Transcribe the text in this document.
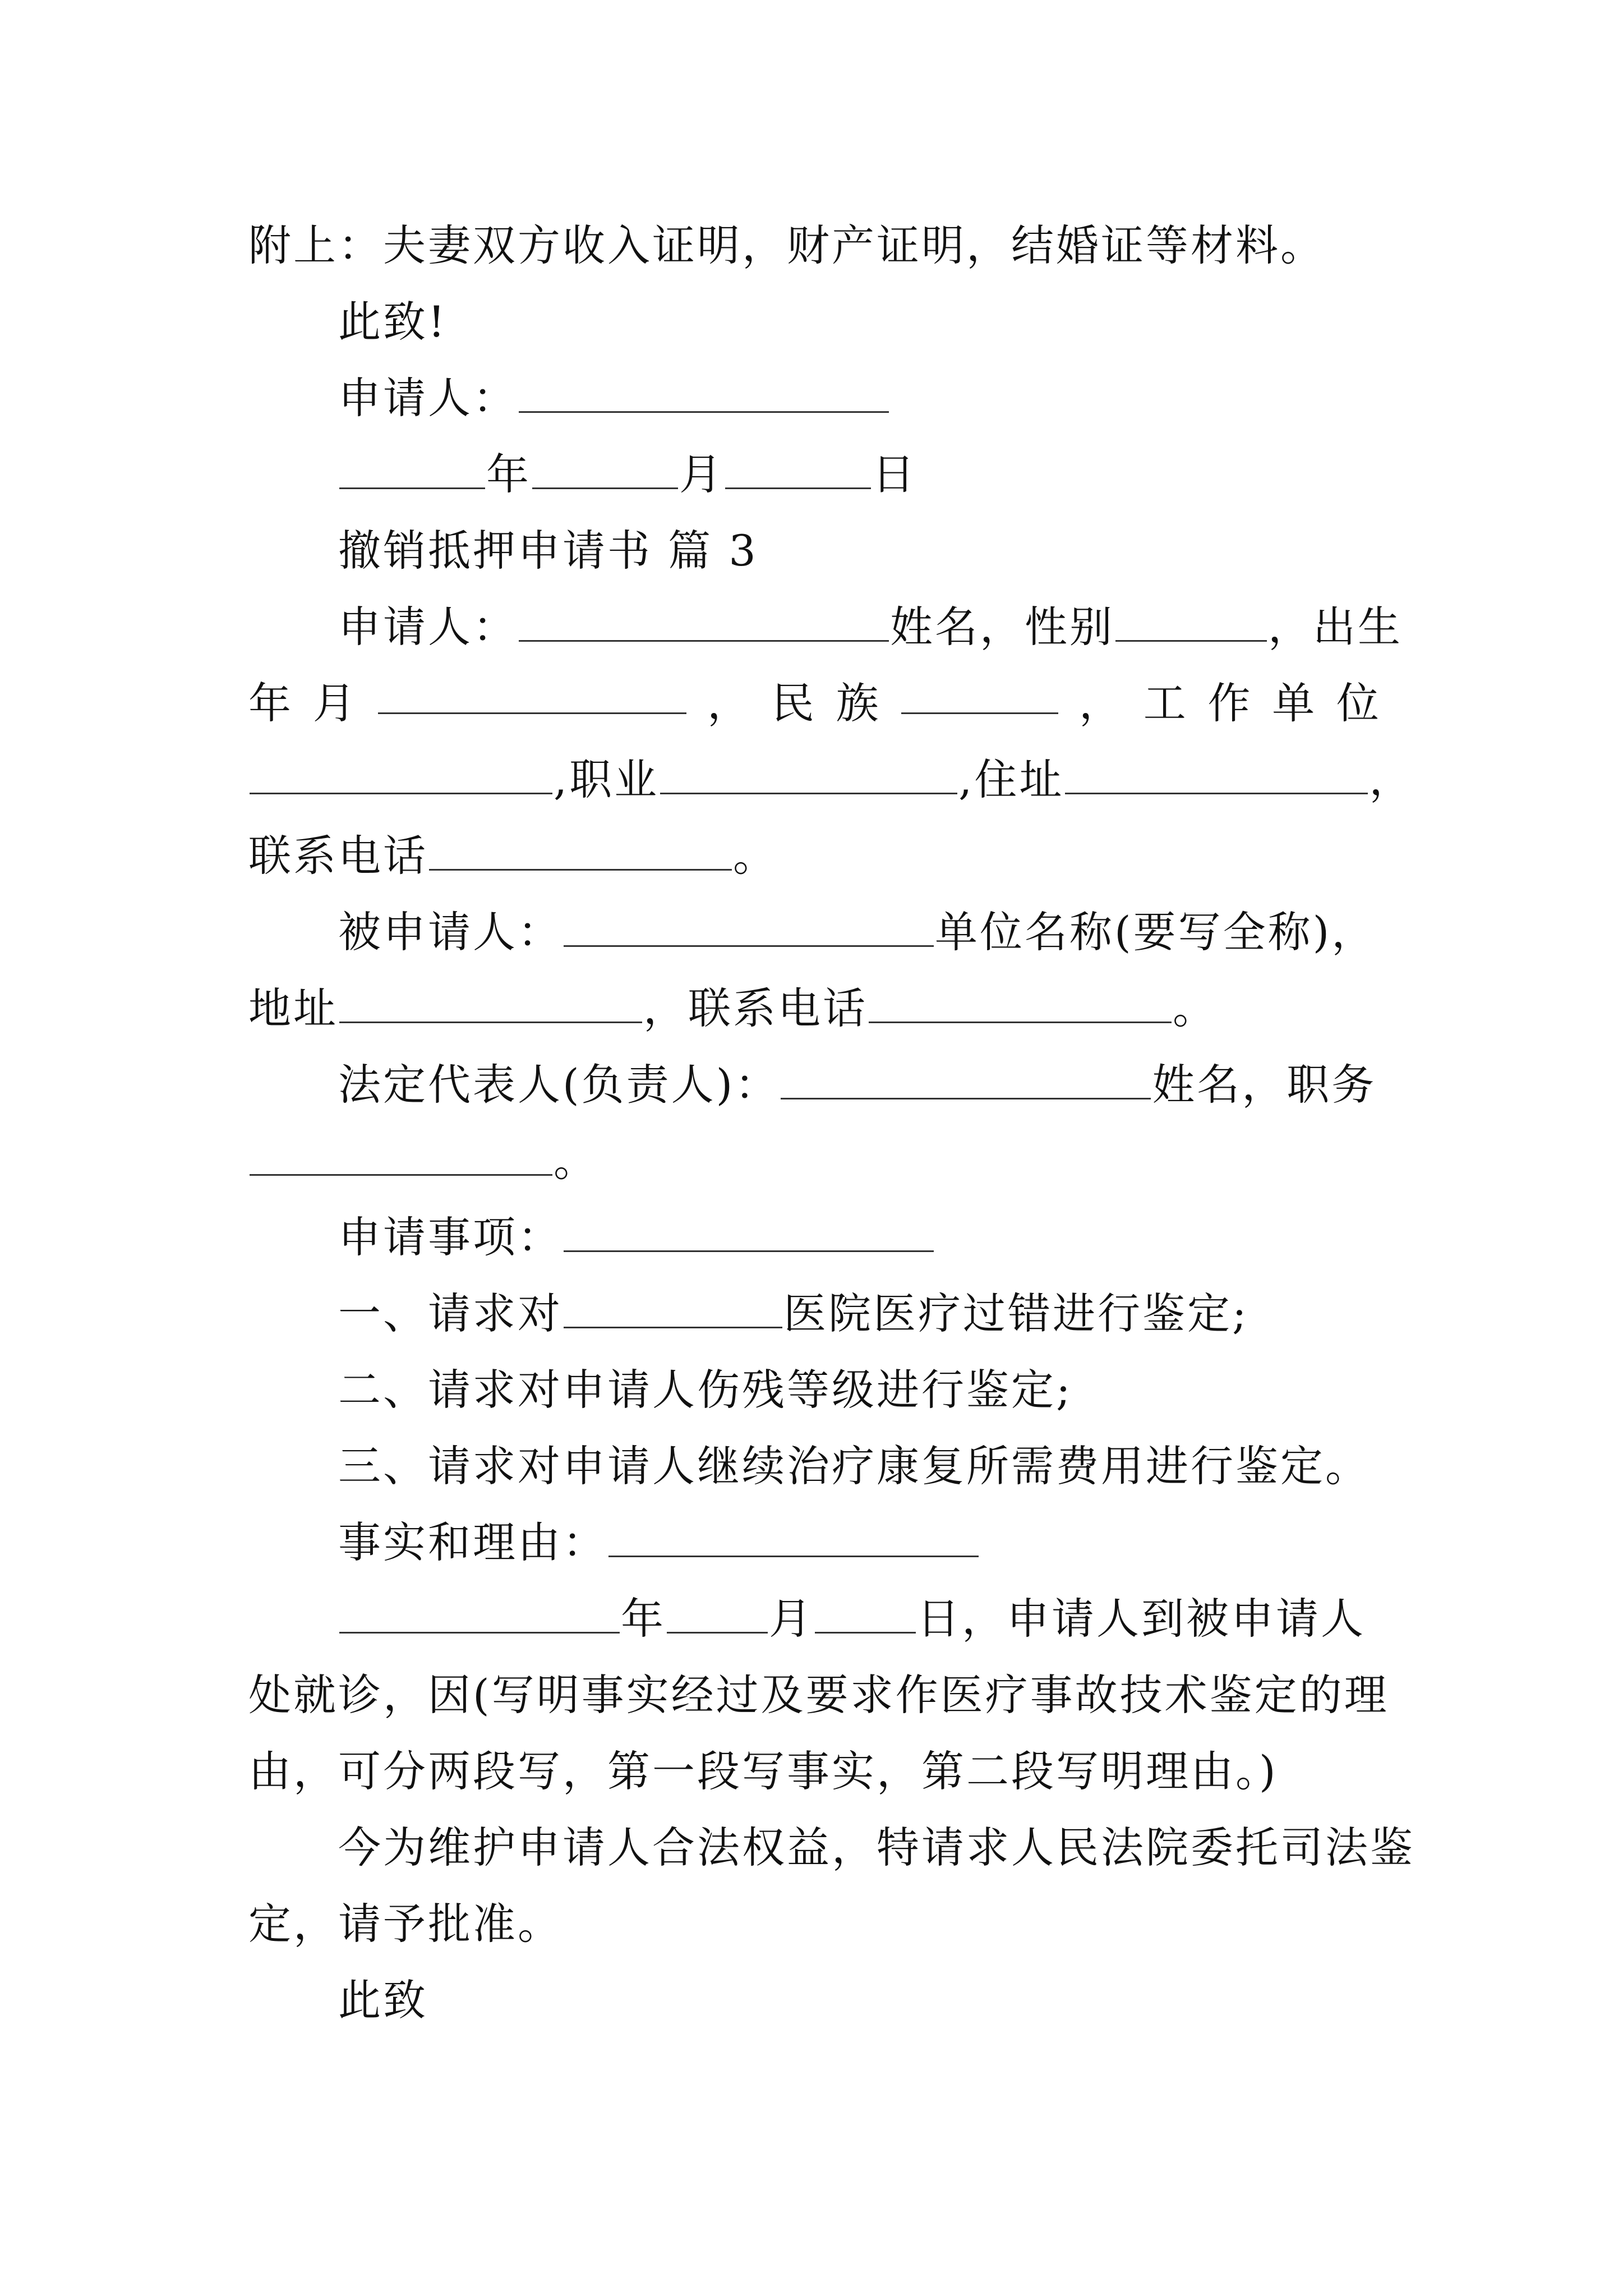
附上：夫妻双方收入证明，财产证明，结婚证等材料。
此致!
申请人：
年	月	日
撤销抵押申请书 篇 3
申请人：	姓名，性别	，出生
年 月	， 民 族	， 工 作 单 位
,职业	,住址	，
联系电话	。
被申请人：	单位名称(要写全称)，
地址	，联系电话	。
法定代表人(负责人)：	姓名，职务
。
申请事项：
一、请求对	医院医疗过错进行鉴定;
二、请求对申请人伤残等级进行鉴定;
三、请求对申请人继续治疗康复所需费用进行鉴定。
事实和理由：
年 月 日，申请人到被申请人
处就诊，因(写明事实经过及要求作医疗事故技术鉴定的理
由，可分两段写，第一段写事实，第二段写明理由。)
今为维护申请人合法权益，特请求人民法院委托司法鉴
定，请予批准。
此致
